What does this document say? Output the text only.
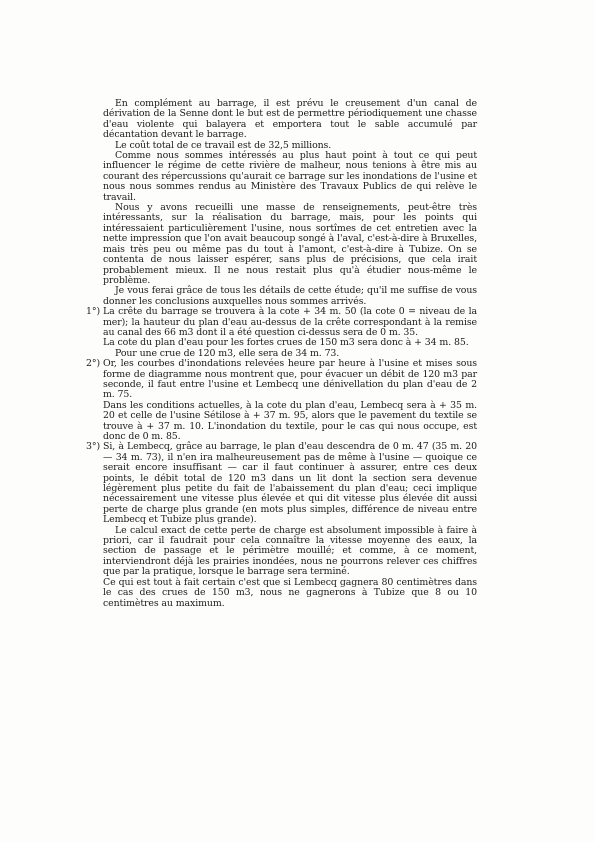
En complément au barrage, il est prévu le creusement d'un canal de dérivation de la Senne dont le but est de permettre périodiquement une chasse d'eau violente qui balayera et emportera tout le sable accumulé par décantation devant le barrage.

Le coût total de ce travail est de 32,5 millions.

Comme nous sommes intéressés au plus haut point à tout ce qui peut influencer le régime de cette rivière de malheur, nous tenions à être mis au courant des répercussions qu'aurait ce barrage sur les inondations de l'usine et nous nous sommes rendus au Ministère des Travaux Publics de qui relève le travail.

Nous y avons recueilli une masse de renseignements, peut-être très intéressants, sur la réalisation du barrage, mais, pour les points qui intéressaient particulièrement l'usine, nous sortîmes de cet entretien avec la nette impression que l'on avait beaucoup songé à l'aval, c'est-à-dire à Bruxelles, mais très peu ou même pas du tout à l'amont, c'est-à-dire à Tubize. On se contenta de nous laisser espérer, sans plus de précisions, que cela irait probablement mieux. Il ne nous restait plus qu'à étudier nous-même le problème.

Je vous ferai grâce de tous les détails de cette étude; qu'il me suffise de vous donner les conclusions auxquelles nous sommes arrivés.

1°) La crête du barrage se trouvera à la cote + 34 m. 50 (la cote 0 = niveau de la mer); la hauteur du plan d'eau au-dessus de la crête correspondant à la remise au canal des 66 m3 dont il a été question ci-dessus sera de 0 m. 35.

La cote du plan d'eau pour les fortes crues de 150 m3 sera donc à + 34 m. 85.

Pour une crue de 120 m3, elle sera de 34 m. 73.

2°) Or, les courbes d'inondations relevées heure par heure à l'usine et mises sous forme de diagramme nous montrent que, pour évacuer un débit de 120 m3 par seconde, il faut entre l'usine et Lembecq une dénivellation du plan d'eau de 2 m. 75.

Dans les conditions actuelles, à la cote du plan d'eau, Lembecq sera à + 35 m. 20 et celle de l'usine Sétilose à + 37 m. 95, alors que le pavement du textile se trouve à + 37 m. 10. L'inondation du textile, pour le cas qui nous occupe, est donc de 0 m. 85.

3°) Si, à Lembecq, grâce au barrage, le plan d'eau descendra de 0 m. 47 (35 m. 20 — 34 m. 73), il n'en ira malheureusement pas de même à l'usine — quoique ce serait encore insuffisant — car il faut continuer à assurer, entre ces deux points, le débit total de 120 m3 dans un lit dont la section sera devenue légèrement plus petite du fait de l'abaissement du plan d'eau; ceci implique nécessairement une vitesse plus élevée et qui dit vitesse plus élevée dit aussi perte de charge plus grande (en mots plus simples, différence de niveau entre Lembecq et Tubize plus grande).

Le calcul exact de cette perte de charge est absolument impossible à faire à priori, car il faudrait pour cela connaître la vitesse moyenne des eaux, la section de passage et le périmètre mouillé; et comme, à ce moment, interviendront déjà les prairies inondées, nous ne pourrons relever ces chiffres que par la pratique, lorsque le barrage sera terminé.

Ce qui est tout à fait certain c'est que si Lembecq gagnera 80 centimètres dans le cas des crues de 150 m3, nous ne gagnerons à Tubize que 8 ou 10 centimètres au maximum.
